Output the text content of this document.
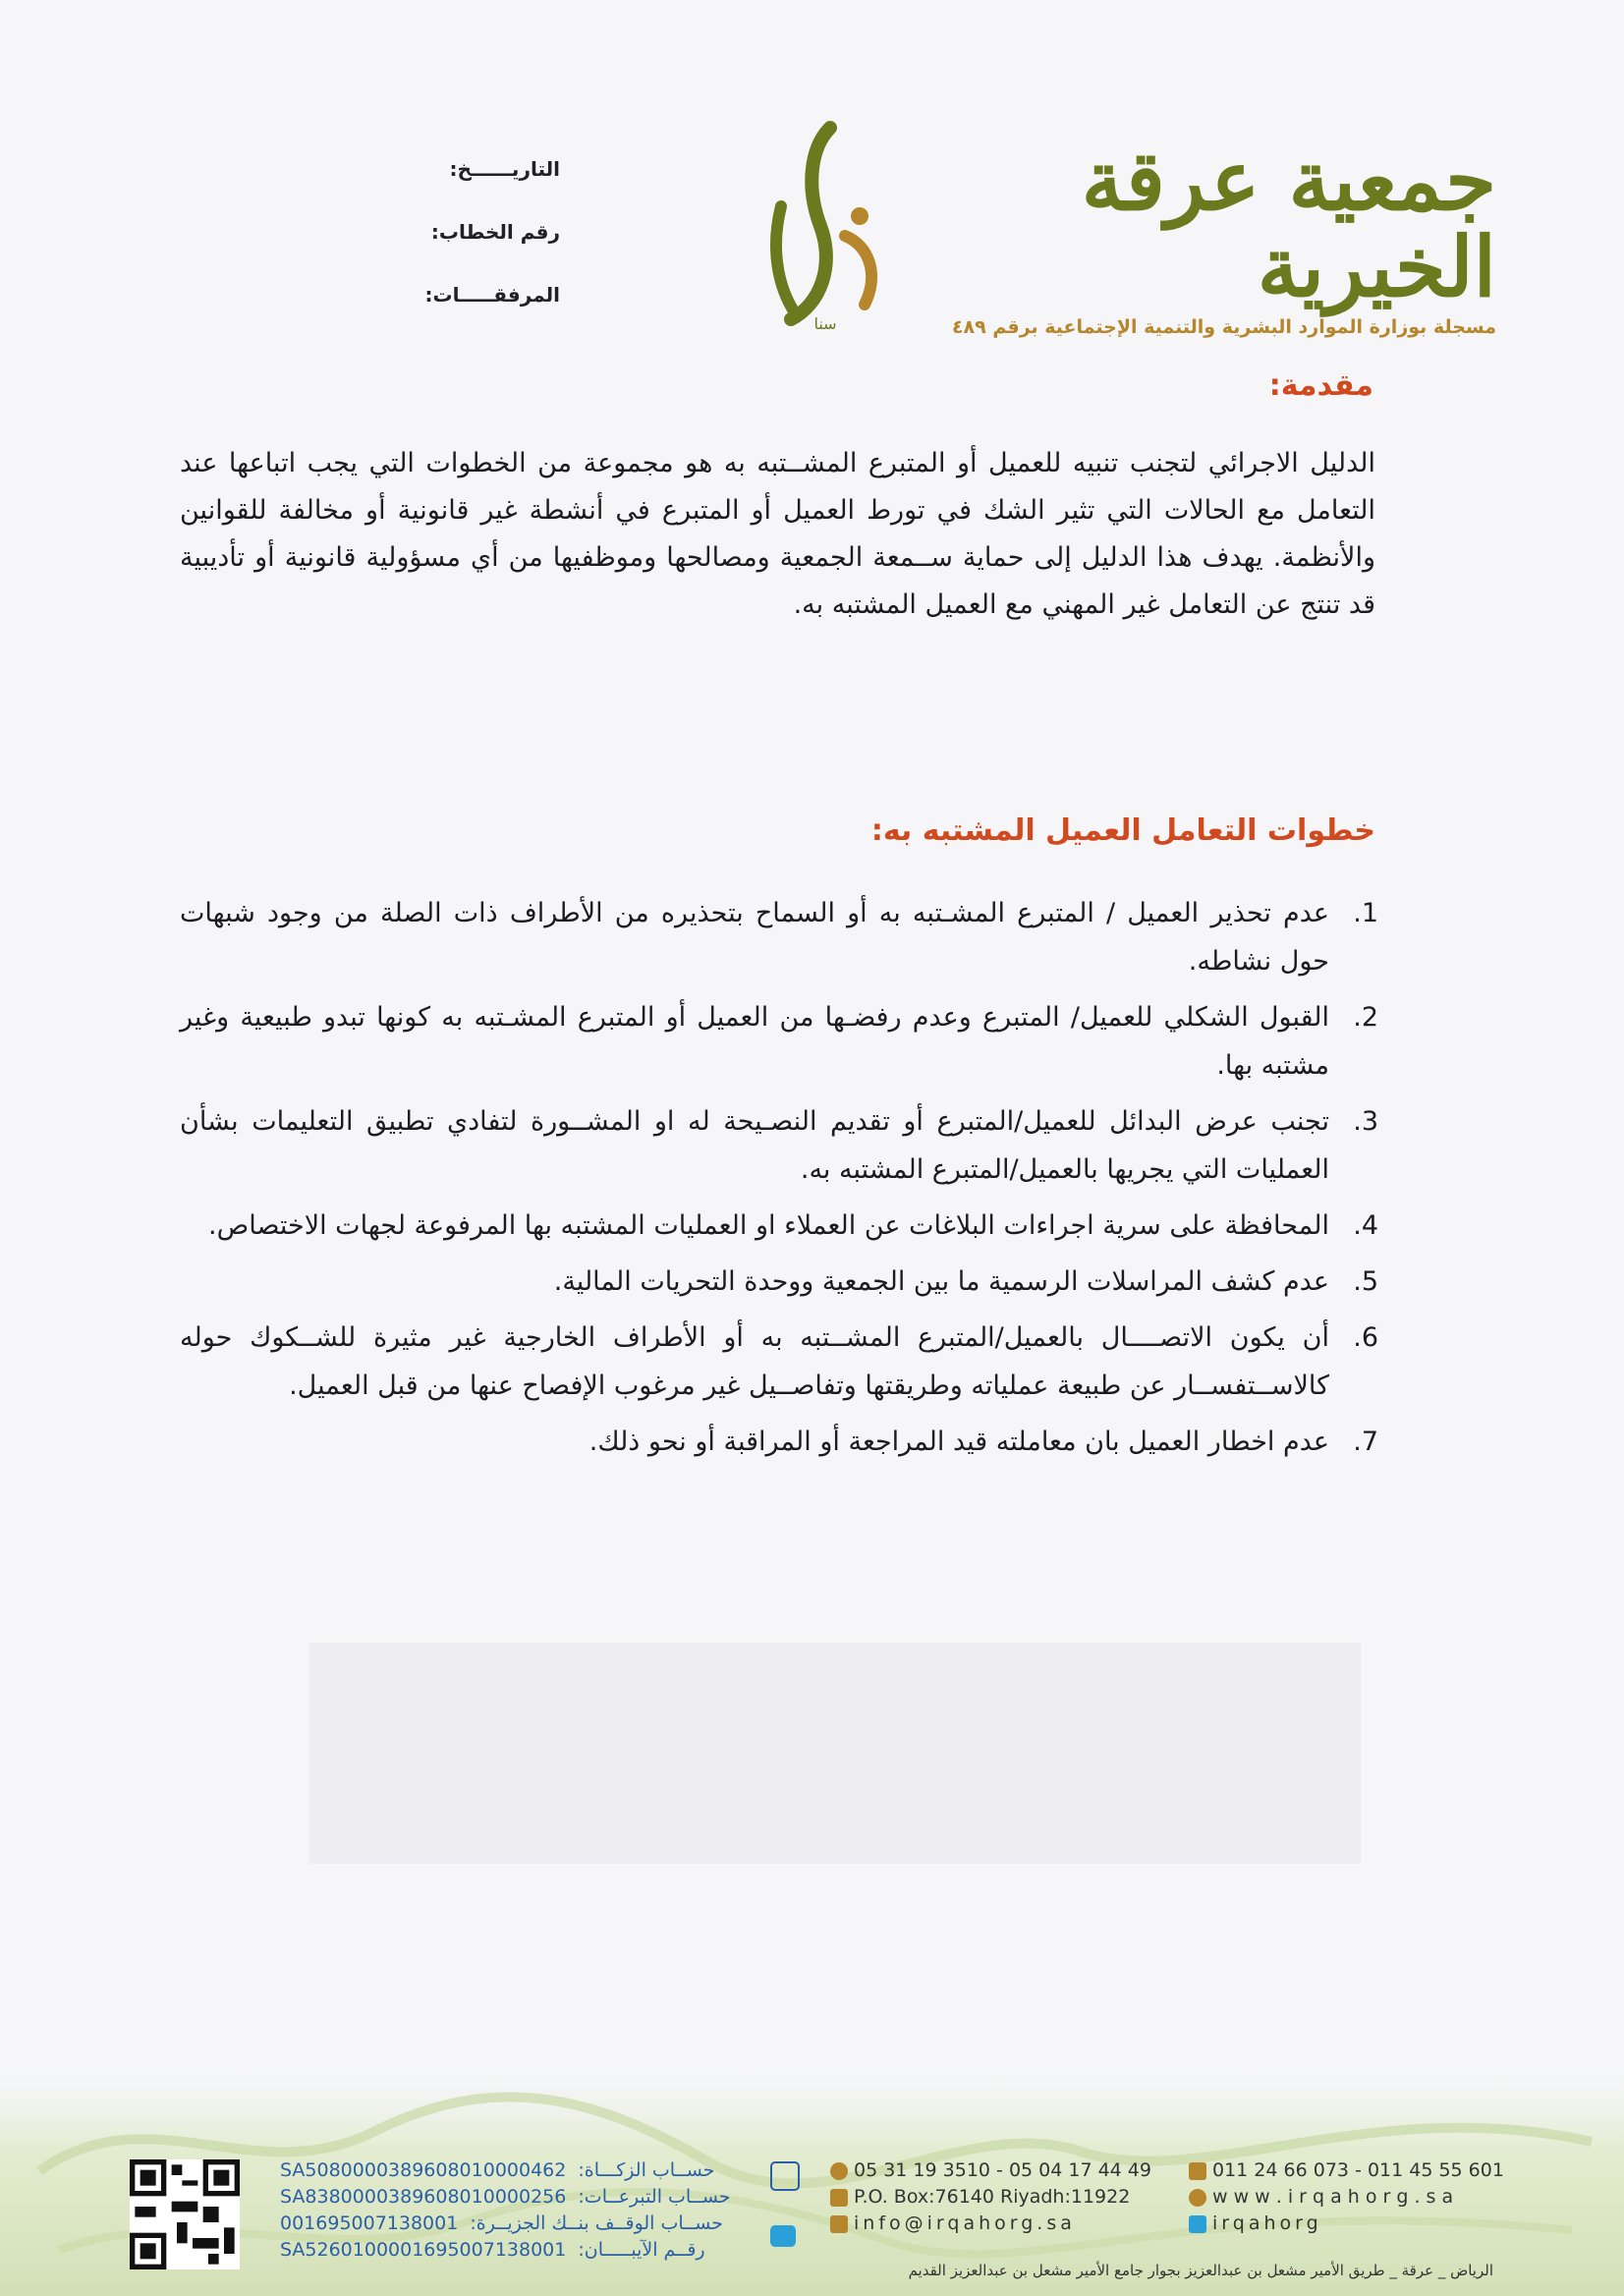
جمعية عرقة الخيرية
مسجلة بوزارة الموارد البشرية والتنمية الإجتماعية برقم ٤٨٩
سنا
التاريــــــخ:
رقم الخطاب:
المرفقـــــات:
مقدمة:
الدليل الاجرائي لتجنب تنبيه للعميل أو المتبرع المشــتبه به هو مجموعة من الخطوات التي يجب اتباعها عند التعامل مع الحالات التي تثير الشك في تورط العميل أو المتبرع في أنشطة غير قانونية أو مخالفة للقوانين والأنظمة. يهدف هذا الدليل إلى حماية ســمعة الجمعية ومصالحها وموظفيها من أي مسؤولية قانونية أو تأديبية قد تنتج عن التعامل غير المهني مع العميل المشتبه به.
خطوات التعامل العميل المشتبه به:
1.
عدم تحذير العميل / المتبرع المشـتبه به أو السماح بتحذيره من الأطراف ذات الصلة من وجود شبهات حول نشاطه.
2.
القبول الشكلي للعميل/ المتبرع وعدم رفضـها من العميل أو المتبرع المشـتبه به كونها تبدو طبيعية وغير مشتبه بها.
3.
تجنب عرض البدائل للعميل/المتبرع أو تقديم النصـيحة له او المشــورة لتفادي تطبيق التعليمات بشأن العمليات التي يجريها بالعميل/المتبرع المشتبه به.
4.
المحافظة على سرية اجراءات البلاغات عن العملاء او العمليات المشتبه بها المرفوعة لجهات الاختصاص.
5.
عدم كشف المراسلات الرسمية ما بين الجمعية ووحدة التحريات المالية.
6.
أن يكون الاتصــــال بالعميل/المتبرع المشــتبه به أو الأطراف الخارجية غير مثيرة للشــكوك حوله كالاســتفســار عن طبيعة عملياته وطريقتها وتفاصــيل غير مرغوب الإفصاح عنها من قبل العميل.
7.
عدم اخطار العميل بان معاملته قيد المراجعة أو المراقبة أو نحو ذلك.
SA5080000389608010000462 حســاب الزكـــاة:
SA8380000389608010000256 حســاب التبرعــات:
001695007138001 حســاب الوقــف بنــك الجزيــرة:
SA5260100001695007138001 رقــم الآيبـــــان:
05 31 19 3510 - 05 04 17 44 49
P.O. Box:76140 Riyadh:11922
info@irqahorg.sa
011 24 66 073 - 011 45 55 601
w w w . i r q a h o r g . s a
irqahorg
الرياض _ عرقة _ طريق الأمير مشعل بن عبدالعزيز بجوار جامع الأمير مشعل بن عبدالعزيز القديم
